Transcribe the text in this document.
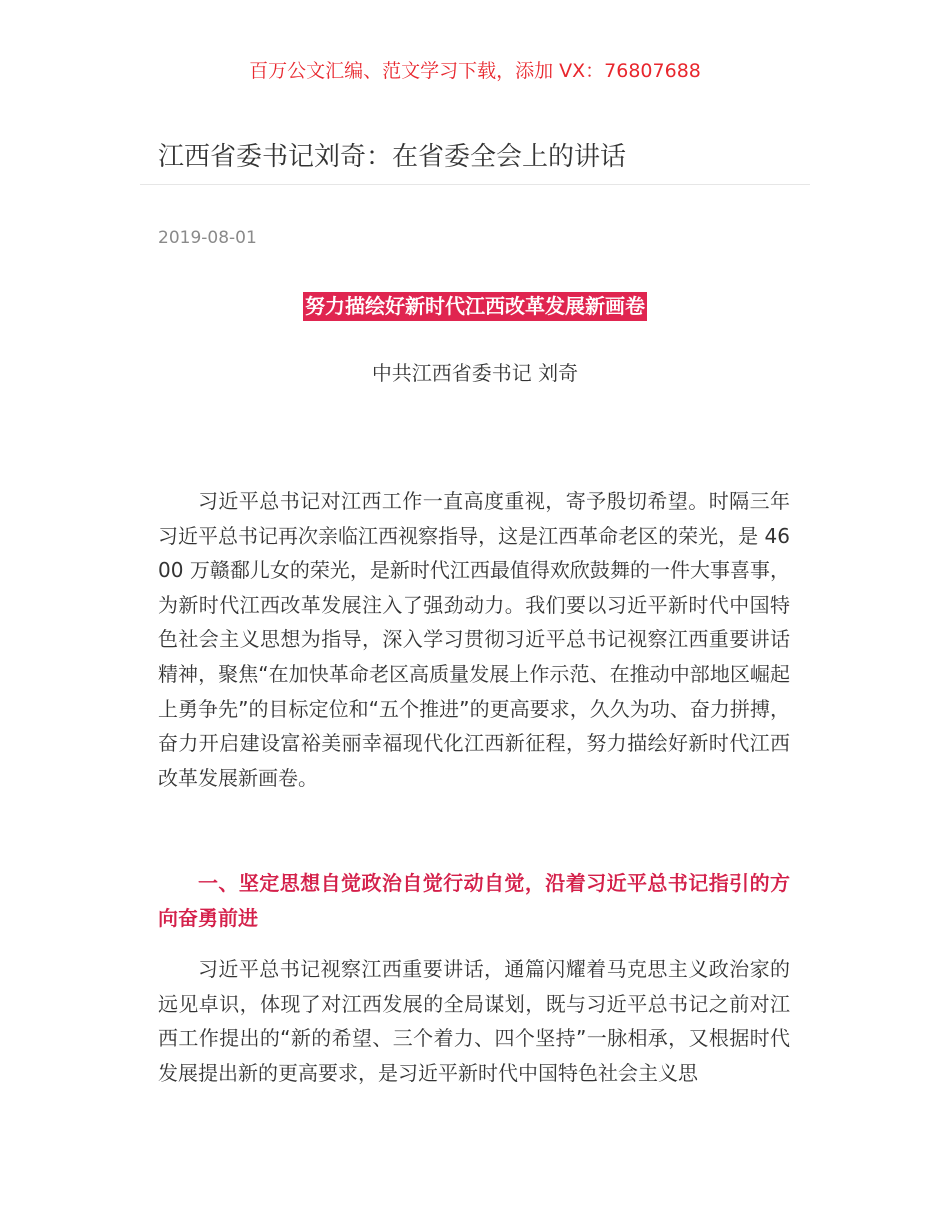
百万公文汇编、范文学习下载，添加 VX：76807688
江西省委书记刘奇：在省委全会上的讲话
2019-08-01
努力描绘好新时代江西改革发展新画卷
中共江西省委书记 刘奇
习近平总书记对江西工作一直高度重视，寄予殷切希望。时隔三年习近平总书记再次亲临江西视察指导，这是江西革命老区的荣光，是 4600 万赣鄱儿女的荣光，是新时代江西最值得欢欣鼓舞的一件大事喜事，为新时代江西改革发展注入了强劲动力。我们要以习近平新时代中国特色社会主义思想为指导，深入学习贯彻习近平总书记视察江西重要讲话精神，聚焦“在加快革命老区高质量发展上作示范、在推动中部地区崛起上勇争先”的目标定位和“五个推进”的更高要求，久久为功、奋力拼搏，奋力开启建设富裕美丽幸福现代化江西新征程，努力描绘好新时代江西改革发展新画卷。
一、坚定思想自觉政治自觉行动自觉，沿着习近平总书记指引的方向奋勇前进
习近平总书记视察江西重要讲话，通篇闪耀着马克思主义政治家的远见卓识，体现了对江西发展的全局谋划，既与习近平总书记之前对江西工作提出的“新的希望、三个着力、四个坚持”一脉相承，又根据时代发展提出新的更高要求，是习近平新时代中国特色社会主义思
